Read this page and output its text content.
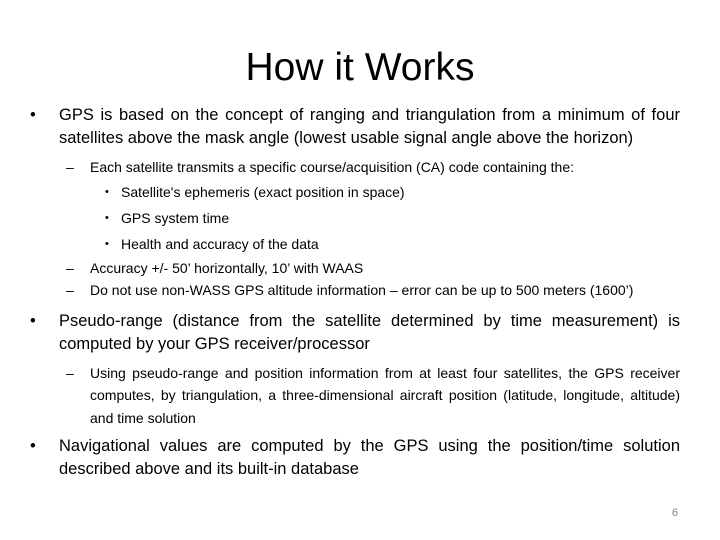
How it Works
• GPS is based on the concept of ranging and triangulation from a minimum of four satellites above the mask angle (lowest usable signal angle above the horizon)
– Each satellite transmits a specific course/acquisition (CA) code containing the:
• Satellite's ephemeris (exact position in space)
• GPS system time
• Health and accuracy of the data
– Accuracy +/- 50’ horizontally, 10’ with WAAS
– Do not use non-WASS GPS altitude information – error can be up to 500 meters (1600’)
• Pseudo-range (distance from the satellite determined by time measurement) is computed by your GPS receiver/processor
– Using pseudo-range and position information from at least four satellites, the GPS receiver computes, by triangulation, a three-dimensional aircraft position (latitude, longitude, altitude) and time solution
• Navigational values are computed by the GPS using the position/time solution described above and its built-in database
6
